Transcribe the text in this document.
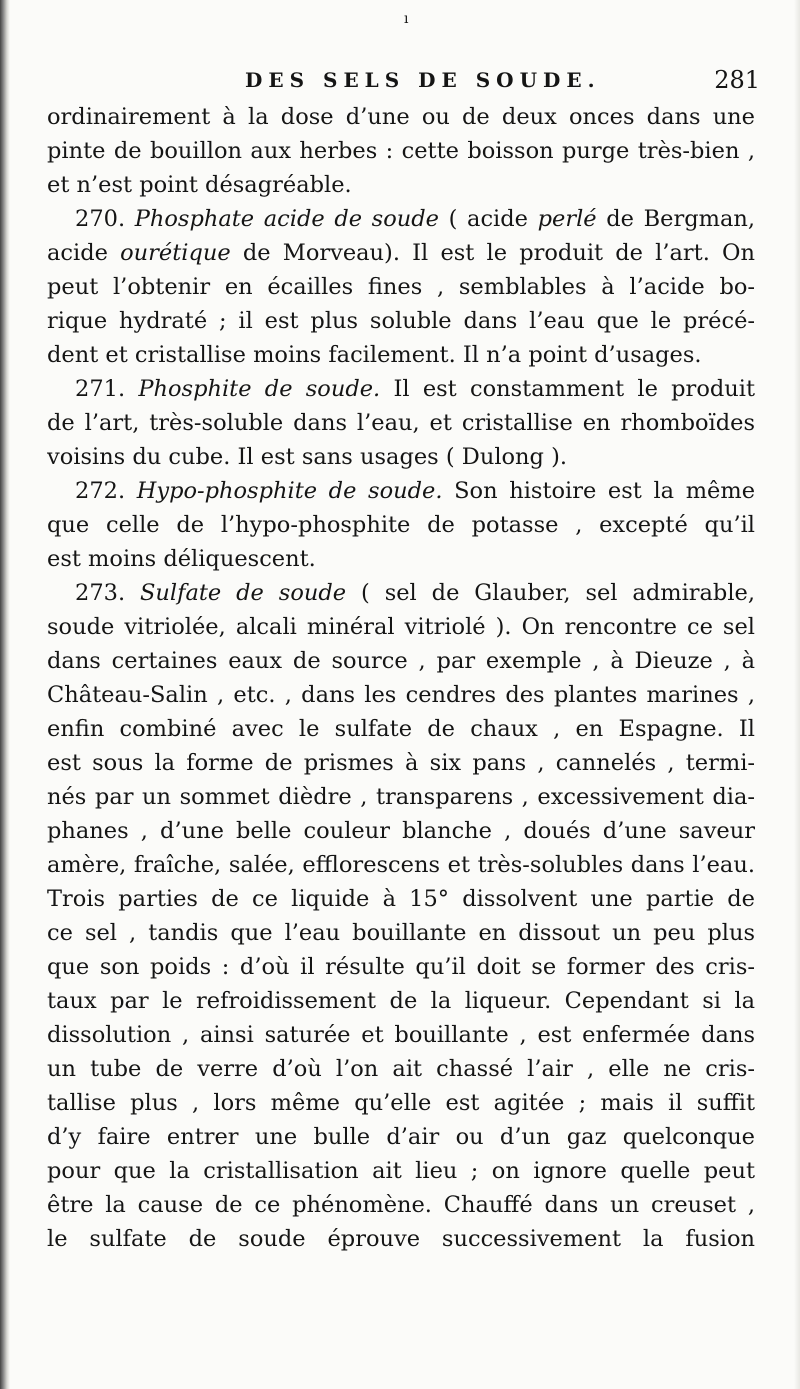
ı
DES SELS DE SOUDE.	281
ordinairement à la dose d’une ou de deux onces dans une
pinte de bouillon aux herbes : cette boisson purge très-bien ,
et n’est point désagréable.
270. Phosphate acide de soude ( acide perlé de Bergman,
acide ourétique de Morveau). Il est le produit de l’art. On
peut l’obtenir en écailles fines , semblables à l’acide bo-
rique hydraté ; il est plus soluble dans l’eau que le précé-
dent et cristallise moins facilement. Il n’a point d’usages.
271. Phosphite de soude. Il est constamment le produit
de l’art, très-soluble dans l’eau, et cristallise en rhomboïdes
voisins du cube. Il est sans usages ( Dulong ).
272. Hypo-phosphite de soude. Son histoire est la même
que celle de l’hypo-phosphite de potasse , excepté qu’il
est moins déliquescent.
273. Sulfate de soude ( sel de Glauber, sel admirable,
soude vitriolée, alcali minéral vitriolé ). On rencontre ce sel
dans certaines eaux de source , par exemple , à Dieuze , à
Château-Salin , etc. , dans les cendres des plantes marines ,
enfin combiné avec le sulfate de chaux , en Espagne. Il
est sous la forme de prismes à six pans , cannelés , termi-
nés par un sommet dièdre , transparens , excessivement dia-
phanes , d’une belle couleur blanche , doués d’une saveur
amère, fraîche, salée, efflorescens et très-solubles dans l’eau.
Trois parties de ce liquide à 15° dissolvent une partie de
ce sel , tandis que l’eau bouillante en dissout un peu plus
que son poids : d’où il résulte qu’il doit se former des cris-
taux par le refroidissement de la liqueur. Cependant si la
dissolution , ainsi saturée et bouillante , est enfermée dans
un tube de verre d’où l’on ait chassé l’air , elle ne cris-
tallise plus , lors même qu’elle est agitée ; mais il suffit
d’y faire entrer une bulle d’air ou d’un gaz quelconque
pour que la cristallisation ait lieu ; on ignore quelle peut
être la cause de ce phénomène. Chauffé dans un creuset ,
le sulfate de soude éprouve successivement la fusion
